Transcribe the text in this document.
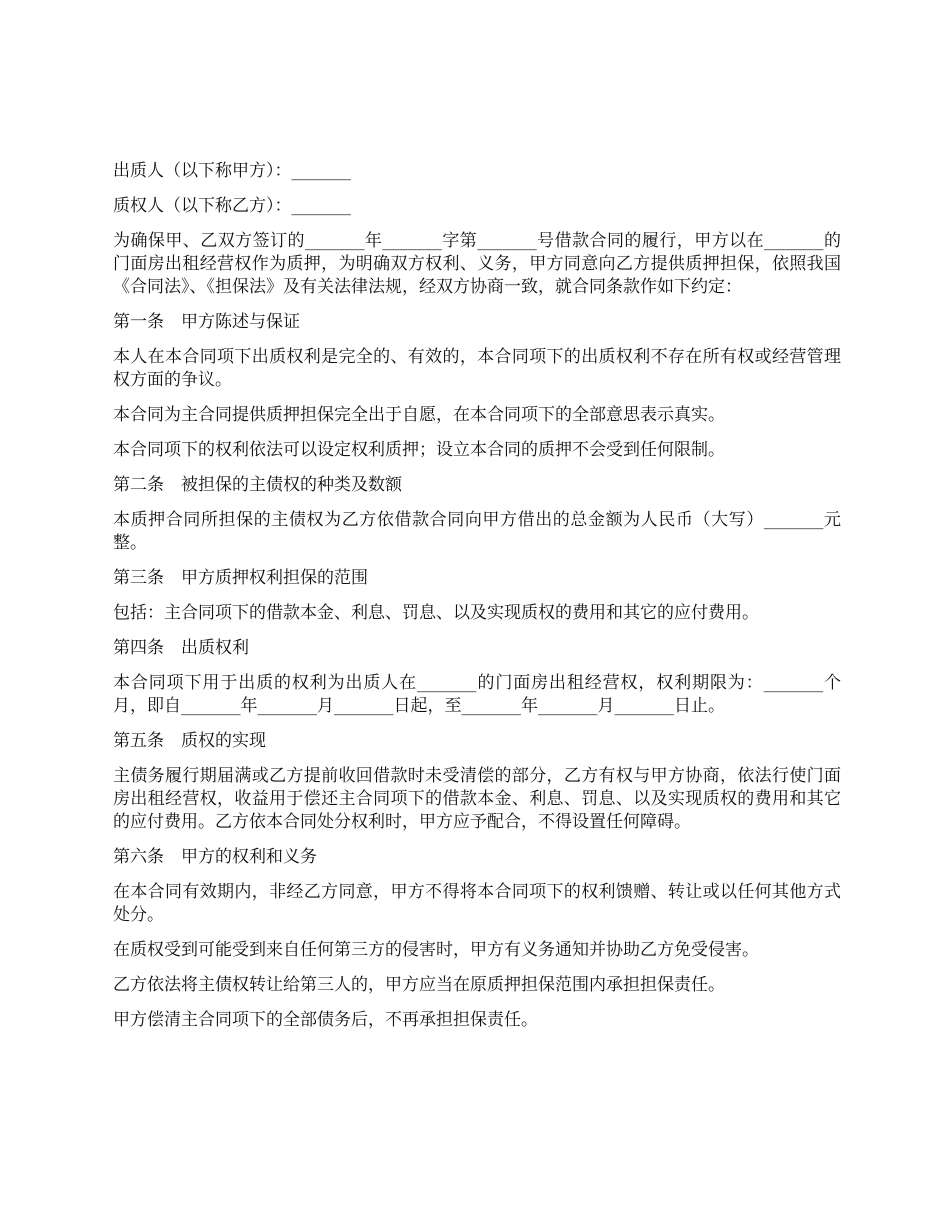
出质人（以下称甲方）：_______

质权人（以下称乙方）：_______

为确保甲、乙双方签订的_______年_______字第_______号借款合同的履行，甲方以在_______的门面房出租经营权作为质押，为明确双方权利、义务，甲方同意向乙方提供质押担保，依照我国《合同法》、《担保法》及有关法律法规，经双方协商一致，就合同条款作如下约定：

第一条　甲方陈述与保证

本人在本合同项下出质权利是完全的、有效的，本合同项下的出质权利不存在所有权或经营管理权方面的争议。

本合同为主合同提供质押担保完全出于自愿，在本合同项下的全部意思表示真实。

本合同项下的权利依法可以设定权利质押；设立本合同的质押不会受到任何限制。

第二条　被担保的主债权的种类及数额

本质押合同所担保的主债权为乙方依借款合同向甲方借出的总金额为人民币（大写）_______元整。

第三条　甲方质押权利担保的范围

包括：主合同项下的借款本金、利息、罚息、以及实现质权的费用和其它的应付费用。

第四条　出质权利

本合同项下用于出质的权利为出质人在_______的门面房出租经营权，权利期限为：_______个月，即自_______年_______月_______日起，至_______年_______月_______日止。

第五条　质权的实现

主债务履行期届满或乙方提前收回借款时未受清偿的部分，乙方有权与甲方协商，依法行使门面房出租经营权，收益用于偿还主合同项下的借款本金、利息、罚息、以及实现质权的费用和其它的应付费用。乙方依本合同处分权利时，甲方应予配合，不得设置任何障碍。

第六条　甲方的权利和义务

在本合同有效期内，非经乙方同意，甲方不得将本合同项下的权利馈赠、转让或以任何其他方式处分。

在质权受到可能受到来自任何第三方的侵害时，甲方有义务通知并协助乙方免受侵害。

乙方依法将主债权转让给第三人的，甲方应当在原质押担保范围内承担担保责任。

甲方偿清主合同项下的全部债务后，不再承担担保责任。
